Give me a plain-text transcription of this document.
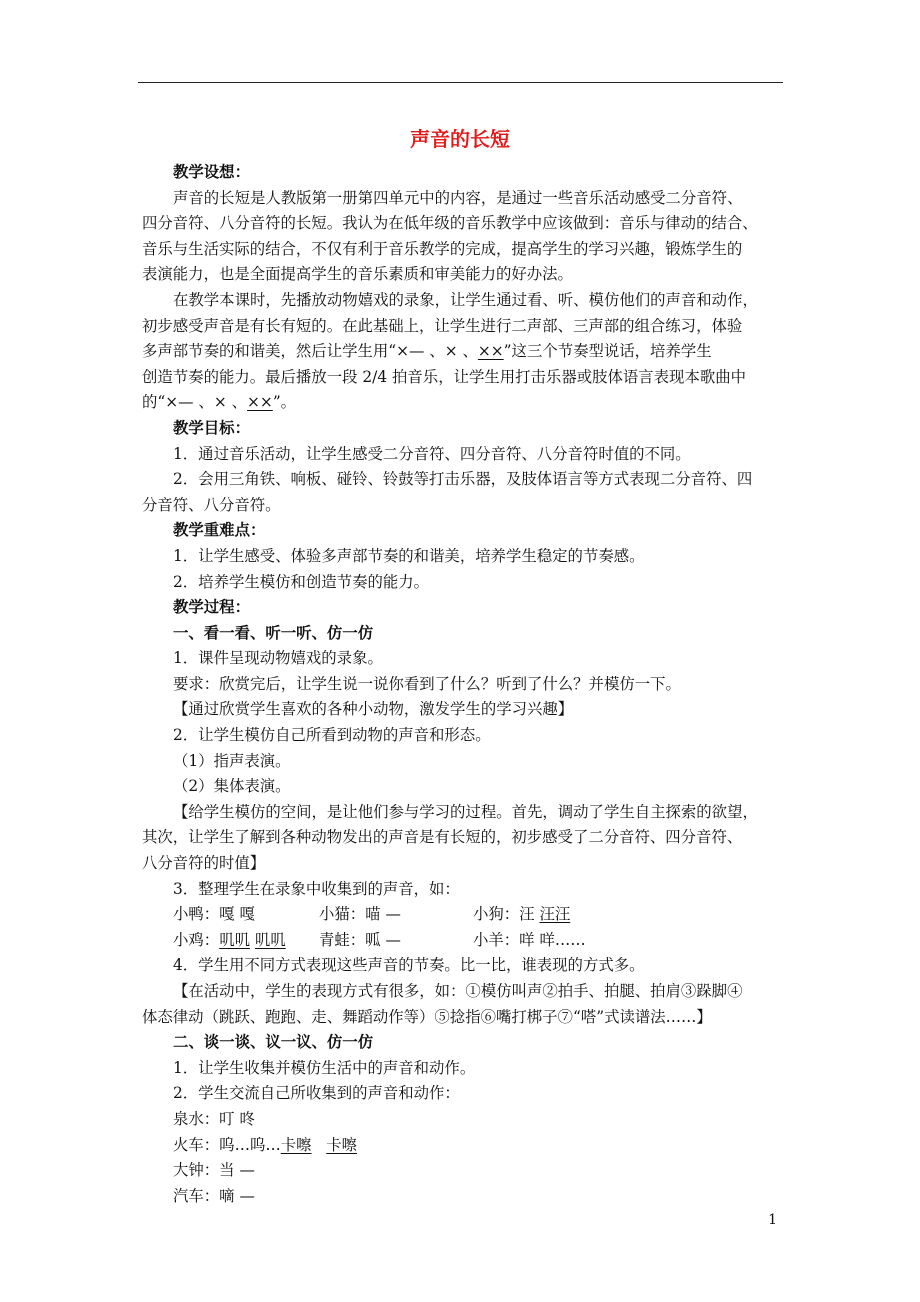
声音的长短
教学设想：
声音的长短是人教版第一册第四单元中的内容，是通过一些音乐活动感受二分音符、
四分音符、八分音符的长短。我认为在低年级的音乐教学中应该做到：音乐与律动的结合、
音乐与生活实际的结合，不仅有利于音乐教学的完成，提高学生的学习兴趣，锻炼学生的
表演能力，也是全面提高学生的音乐素质和审美能力的好办法。
在教学本课时，先播放动物嬉戏的录象，让学生通过看、听、模仿他们的声音和动作，
初步感受声音是有长有短的。在此基础上，让学生进行二声部、三声部的组合练习，体验
多声部节奏的和谐美，然后让学生用“×— 、× 、××”这三个节奏型说话，培养学生
创造节奏的能力。最后播放一段 2/4 拍音乐，让学生用打击乐器或肢体语言表现本歌曲中
的“×— 、× 、××”。
教学目标：
1．通过音乐活动，让学生感受二分音符、四分音符、八分音符时值的不同。
2．会用三角铁、响板、碰铃、铃鼓等打击乐器，及肢体语言等方式表现二分音符、四
分音符、八分音符。
教学重难点：
1．让学生感受、体验多声部节奏的和谐美，培养学生稳定的节奏感。
2．培养学生模仿和创造节奏的能力。
教学过程：
一、看一看、听一听、仿一仿
1．课件呈现动物嬉戏的录象。
要求：欣赏完后，让学生说一说你看到了什么？听到了什么？并模仿一下。
【通过欣赏学生喜欢的各种小动物，激发学生的学习兴趣】
2．让学生模仿自己所看到动物的声音和形态。
（1）指声表演。
（2）集体表演。
【给学生模仿的空间，是让他们参与学习的过程。首先，调动了学生自主探索的欲望，
其次，让学生了解到各种动物发出的声音是有长短的，初步感受了二分音符、四分音符、
八分音符的时值】
3．整理学生在录象中收集到的声音，如：
小鸭：嘎 嘎	小猫：喵 —	小狗：汪 汪汪
小鸡：叽叽 叽叽	青蛙：呱 —	小羊：咩 咩……
4．学生用不同方式表现这些声音的节奏。比一比，谁表现的方式多。
【在活动中，学生的表现方式有很多，如：①模仿叫声②拍手、拍腿、拍肩③跺脚④
体态律动（跳跃、跑跑、走、舞蹈动作等）⑤捻指⑥嘴打梆子⑦“嗒”式读谱法……】
二、谈一谈、议一议、仿一仿
1．让学生收集并模仿生活中的声音和动作。
2．学生交流自己所收集到的声音和动作：
泉水：叮 咚
火车：呜…呜…卡嚓 卡嚓
大钟：当 —
汽车：嘀 —
1
